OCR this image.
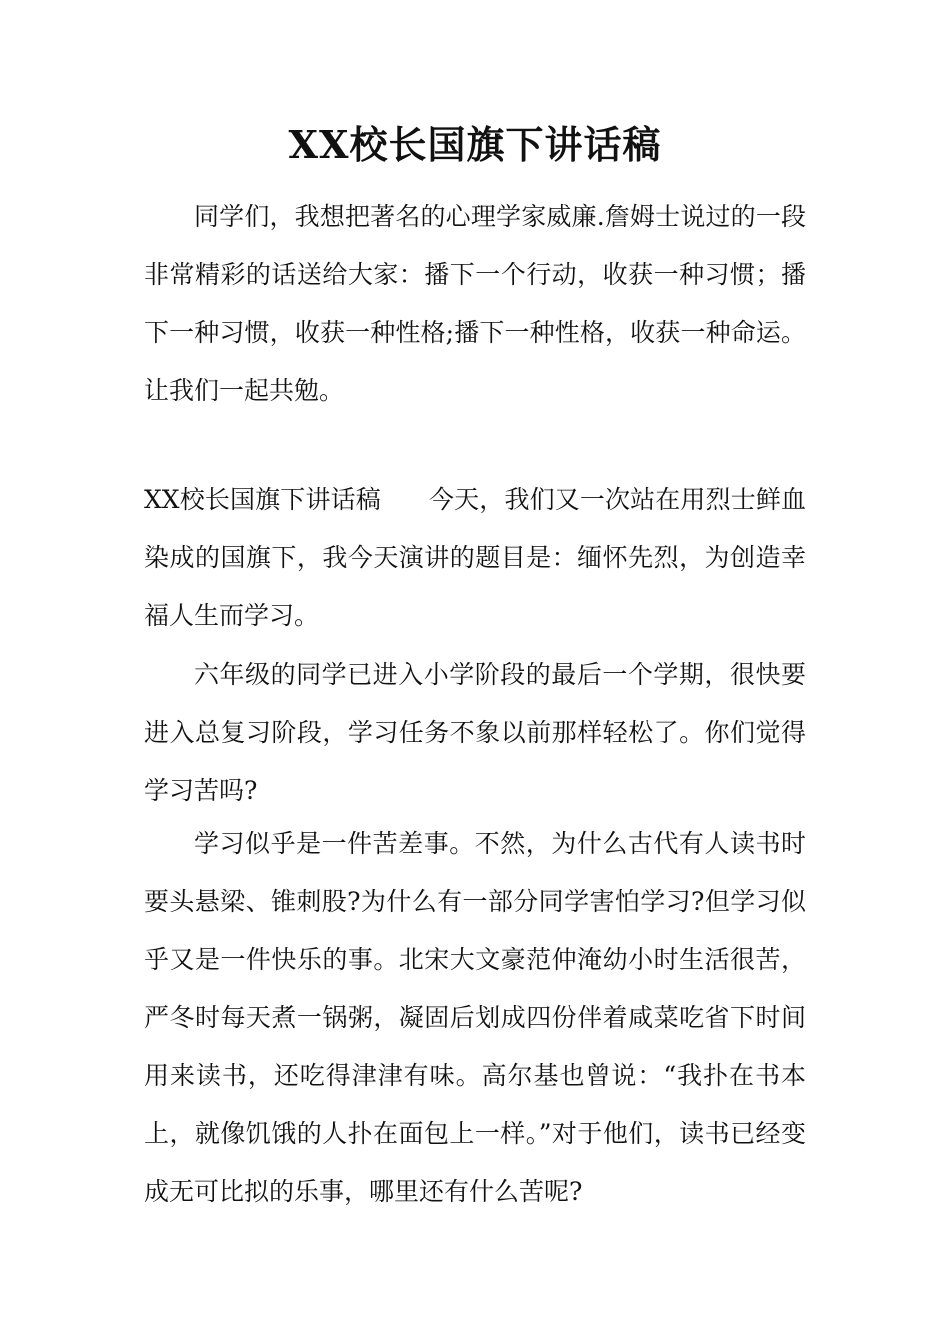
XX校长国旗下讲话稿

同学们，我想把著名的心理学家威廉.詹姆士说过的一段非常精彩的话送给大家：播下一个行动，收获一种习惯；播下一种习惯，收获一种性格;播下一种性格，收获一种命运。让我们一起共勉。

XX校长国旗下讲话稿 今天，我们又一次站在用烈士鲜血染成的国旗下，我今天演讲的题目是：缅怀先烈，为创造幸福人生而学习。

六年级的同学已进入小学阶段的最后一个学期，很快要进入总复习阶段，学习任务不象以前那样轻松了。你们觉得学习苦吗?

学习似乎是一件苦差事。不然，为什么古代有人读书时要头悬梁、锥刺股?为什么有一部分同学害怕学习?但学习似乎又是一件快乐的事。北宋大文豪范仲淹幼小时生活很苦，严冬时每天煮一锅粥，凝固后划成四份伴着咸菜吃省下时间用来读书，还吃得津津有味。高尔基也曾说：“我扑在书本上，就像饥饿的人扑在面包上一样。”对于他们，读书已经变成无可比拟的乐事，哪里还有什么苦呢?
